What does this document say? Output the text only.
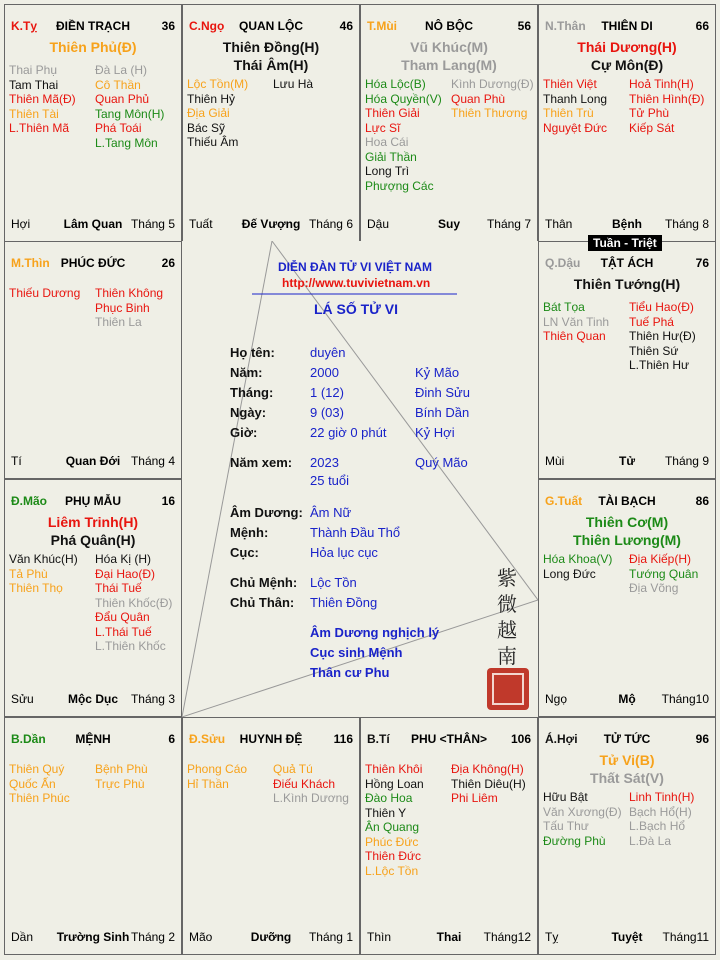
K.Tỵ	ĐIỀN TRẠCH	36
Thiên Phủ(Đ)
Thai Phụ
Tam Thai
Thiên Mã(Đ)
Thiên Tài
L.Thiên Mã
Đà La (H)
Cô Thần
Quan Phủ
Tang Môn(H)
Phá Toái
L.Tang Môn
Hợi	Lâm Quan Tháng 5
C.Ngọ	QUAN LỘC	46
Thiên Đồng(H)
Thái Âm(H)
Lộc Tồn(M)
Thiên Hỷ
Địa Giải
Bác Sỹ
Thiếu Âm
Lưu Hà
Tuất	Đế Vượng Tháng 6
T.Mùi	NÔ BỘC	56
Vũ Khúc(M)
Tham Lang(M)
Hóa Lộc(B)
Hóa Quyền(V)
Thiên Giải
Lực Sĩ
Hoa Cái
Giải Thần
Long Trì
Phượng Các
Kình Dương(Đ)
Quan Phù
Thiên Thương
Dậu	Suy	Tháng 7
N.Thân	THIÊN DI	66
Thái Dương(H)
Cự Môn(Đ)
Thiên Việt
Thanh Long
Thiên Trù
Nguyệt Đức
Hoả Tinh(H)
Thiên Hình(Đ)
Tử Phù
Kiếp Sát
Thân	Bệnh	Tháng 8
M.Thìn PHÚC ĐỨC	26
Thiếu Dương Thiên Không
Phục Binh
Thiên La
Tí	Quan Đới Tháng 4
Q.Dậu	TẬT ÁCH	76
Thiên Tướng(H)
Bát Tọa
LN Văn Tinh
Thiên Quan
Tiểu Hao(Đ)
Tuế Phá
Thiên Hư(Đ)
Thiên Sứ
L.Thiên Hư
Mùi	Tử	Tháng 9
Đ.Mão	PHỤ MẪU	16
Liêm Trinh(H)
Phá Quân(H)
Văn Khúc(H)
Tả Phù
Thiên Thọ
Hóa Kị (H)
Đại Hao(Đ)
Thái Tuế
Thiên Khốc(Đ)
Đẩu Quân
L.Thái Tuế
L.Thiên Khốc
Sửu	Mộc Dục	Tháng 3
G.Tuất	TÀI BẠCH	86
Thiên Cơ(M)
Thiên Lương(M)
Hóa Khoa(V)
Long Đức
Địa Kiếp(H)
Tướng Quân
Địa Võng
Ngọ	Mộ	Tháng10
B.Dần	MỆNH	6
Thiên Quý
Quốc Ấn
Thiên Phúc
Bệnh Phù
Trực Phù
Dần	Trường Sinh Tháng 2
Đ.Sửu	HUYNH ĐỆ	116
Phong Cáo
Hỉ Thần
Quả Tú
Điếu Khách
L.Kình Dương
Mão	Dưỡng	Tháng 1
B.Tí	PHU <THÂN>	106
Thiên Khôi
Hồng Loan
Đào Hoa
Thiên Y
Ân Quang
Phúc Đức
Thiên Đức
L.Lộc Tồn
Địa Không(H)
Thiên Diêu(H)
Phi Liêm
Thìn	Thai	Tháng12
Á.Hợi	TỬ TỨC	96
Tử Vi(B)
Thất Sát(V)
Hữu Bật
Văn Xương(Đ)
Tấu Thư
Đường Phù
Linh Tinh(H)
Bạch Hổ(H)
L.Bạch Hổ
L.Đà La
Tỵ	Tuyệt	Tháng11
DIỄN ĐÀN TỬ VI VIỆT NAM
http://www.tuvivietnam.vn
LÁ SỐ TỬ VI
Họ tên:	duyên
Năm:	2000	Kỷ Mão
Tháng:	1 (12)	Đinh Sửu
Ngày:	9 (03)	Bính Dần
Giờ:	22 giờ 0 phút Kỷ Hợi
Năm xem: 2023	Quý Mão
25 tuổi
Âm Dương: Âm Nữ
Mệnh:	Thành Đầu Thổ
Cục:	Hỏa lục cục
Chủ Mệnh: Lộc Tồn
Chủ Thân: Thiên Đồng
Âm Dương nghịch lý
Cục sinh Mệnh
Thân cư Phu
紫
微
越
南
Tuần - Triệt
